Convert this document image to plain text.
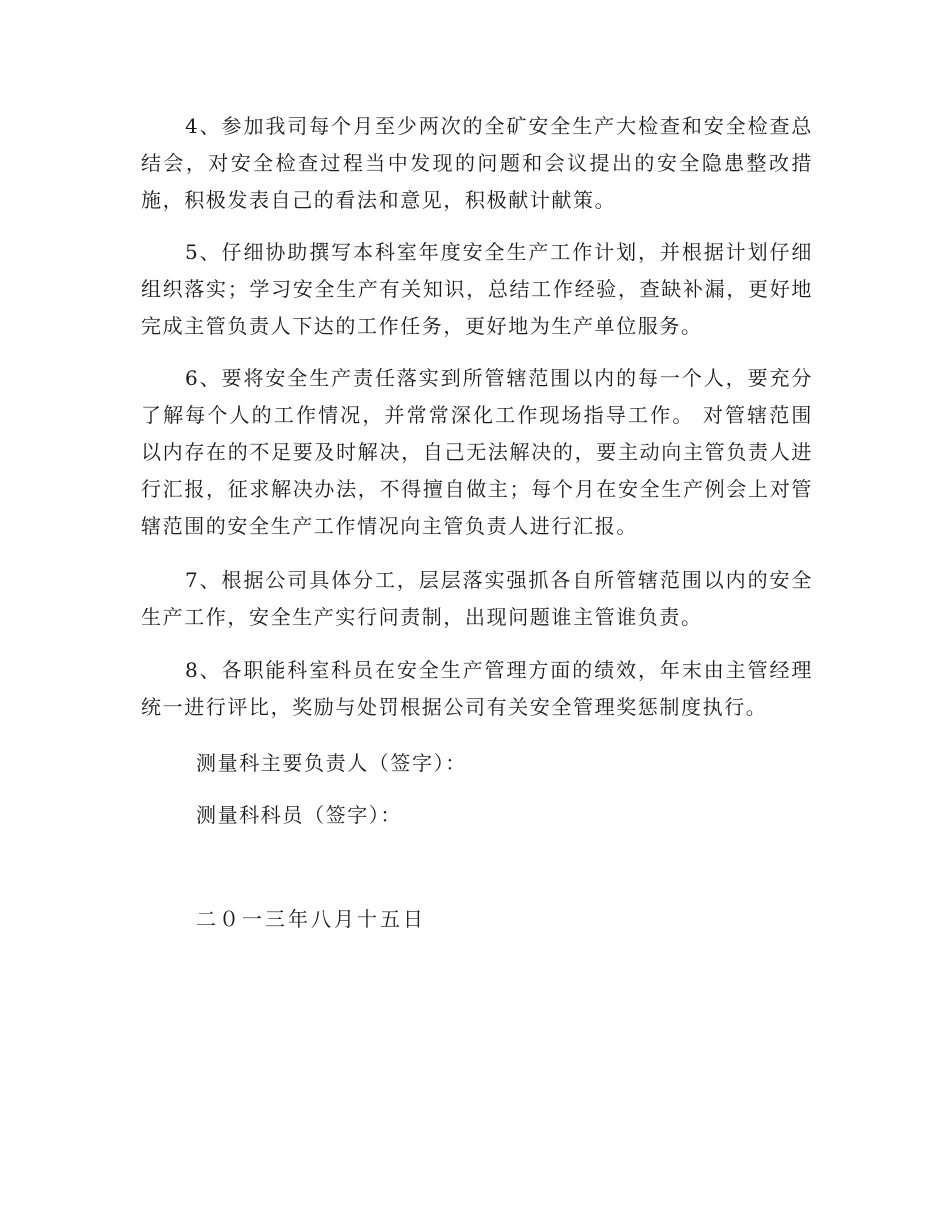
4、参加我司每个月至少两次的全矿安全生产大检查和安全检查总结会，对安全检查过程当中发现的问题和会议提出的安全隐患整改措施，积极发表自己的看法和意见，积极献计献策。

5、仔细协助撰写本科室年度安全生产工作计划，并根据计划仔细组织落实；学习安全生产有关知识，总结工作经验，查缺补漏，更好地完成主管负责人下达的工作任务，更好地为生产单位服务。

6、要将安全生产责任落实到所管辖范围以内的每一个人，要充分了解每个人的工作情况，并常常深化工作现场指导工作。 对管辖范围以内存在的不足要及时解决，自己无法解决的，要主动向主管负责人进行汇报，征求解决办法，不得擅自做主；每个月在安全生产例会上对管辖范围的安全生产工作情况向主管负责人进行汇报。

7、根据公司具体分工，层层落实强抓各自所管辖范围以内的安全生产工作，安全生产实行问责制，出现问题谁主管谁负责。

8、各职能科室科员在安全生产管理方面的绩效，年末由主管经理统一进行评比，奖励与处罚根据公司有关安全管理奖惩制度执行。

测量科主要负责人（签字）：

测量科科员（签字）：

二０一三年八月十五日
